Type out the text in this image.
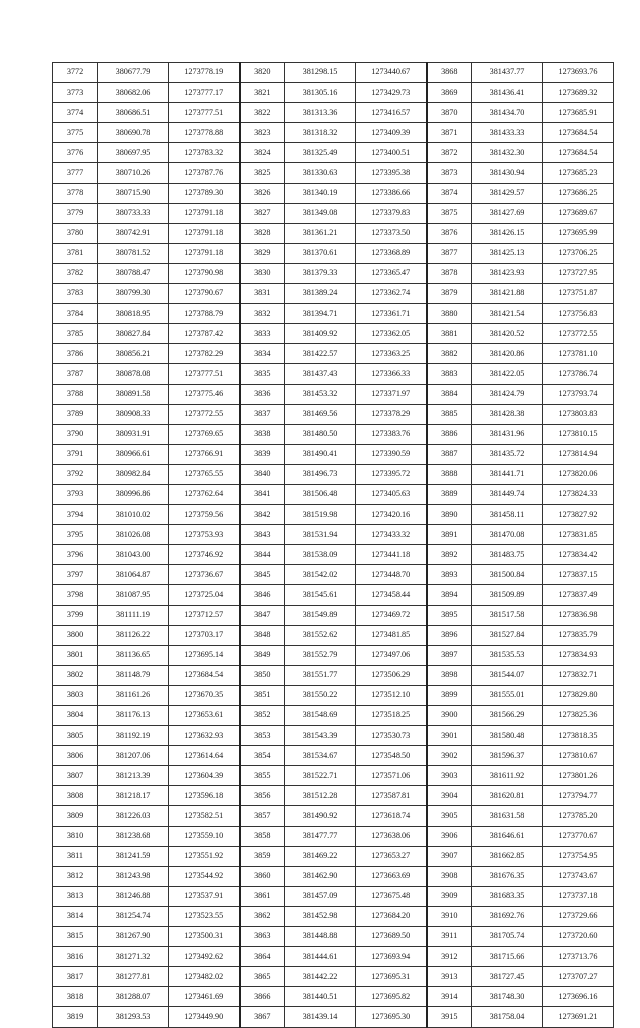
3772	380677.79	1273778.19	3820	381298.15	1273440.67	3868	381437.77	1273693.76
3773	380682.06	1273777.17	3821	381305.16	1273429.73	3869	381436.41	1273689.32
3774	380686.51	1273777.51	3822	381313.36	1273416.57	3870	381434.70	1273685.91
3775	380690.78	1273778.88	3823	381318.32	1273409.39	3871	381433.33	1273684.54
3776	380697.95	1273783.32	3824	381325.49	1273400.51	3872	381432.30	1273684.54
3777	380710.26	1273787.76	3825	381330.63	1273395.38	3873	381430.94	1273685.23
3778	380715.90	1273789.30	3826	381340.19	1273386.66	3874	381429.57	1273686.25
3779	380733.33	1273791.18	3827	381349.08	1273379.83	3875	381427.69	1273689.67
3780	380742.91	1273791.18	3828	381361.21	1273373.50	3876	381426.15	1273695.99
3781	380781.52	1273791.18	3829	381370.61	1273368.89	3877	381425.13	1273706.25
3782	380788.47	1273790.98	3830	381379.33	1273365.47	3878	381423.93	1273727.95
3783	380799.30	1273790.67	3831	381389.24	1273362.74	3879	381421.88	1273751.87
3784	380818.95	1273788.79	3832	381394.71	1273361.71	3880	381421.54	1273756.83
3785	380827.84	1273787.42	3833	381409.92	1273362.05	3881	381420.52	1273772.55
3786	380856.21	1273782.29	3834	381422.57	1273363.25	3882	381420.86	1273781.10
3787	380878.08	1273777.51	3835	381437.43	1273366.33	3883	381422.05	1273786.74
3788	380891.58	1273775.46	3836	381453.32	1273371.97	3884	381424.79	1273793.74
3789	380908.33	1273772.55	3837	381469.56	1273378.29	3885	381428.38	1273803.83
3790	380931.91	1273769.65	3838	381480.50	1273383.76	3886	381431.96	1273810.15
3791	380966.61	1273766.91	3839	381490.41	1273390.59	3887	381435.72	1273814.94
3792	380982.84	1273765.55	3840	381496.73	1273395.72	3888	381441.71	1273820.06
3793	380996.86	1273762.64	3841	381506.48	1273405.63	3889	381449.74	1273824.33
3794	381010.02	1273759.56	3842	381519.98	1273420.16	3890	381458.11	1273827.92
3795	381026.08	1273753.93	3843	381531.94	1273433.32	3891	381470.08	1273831.85
3796	381043.00	1273746.92	3844	381538.09	1273441.18	3892	381483.75	1273834.42
3797	381064.87	1273736.67	3845	381542.02	1273448.70	3893	381500.84	1273837.15
3798	381087.95	1273725.04	3846	381545.61	1273458.44	3894	381509.89	1273837.49
3799	381111.19	1273712.57	3847	381549.89	1273469.72	3895	381517.58	1273836.98
3800	381126.22	1273703.17	3848	381552.62	1273481.85	3896	381527.84	1273835.79
3801	381136.65	1273695.14	3849	381552.79	1273497.06	3897	381535.53	1273834.93
3802	381148.79	1273684.54	3850	381551.77	1273506.29	3898	381544.07	1273832.71
3803	381161.26	1273670.35	3851	381550.22	1273512.10	3899	381555.01	1273829.80
3804	381176.13	1273653.61	3852	381548.69	1273518.25	3900	381566.29	1273825.36
3805	381192.19	1273632.93	3853	381543.39	1273530.73	3901	381580.48	1273818.35
3806	381207.06	1273614.64	3854	381534.67	1273548.50	3902	381596.37	1273810.67
3807	381213.39	1273604.39	3855	381522.71	1273571.06	3903	381611.92	1273801.26
3808	381218.17	1273596.18	3856	381512.28	1273587.81	3904	381620.81	1273794.77
3809	381226.03	1273582.51	3857	381490.92	1273618.74	3905	381631.58	1273785.20
3810	381238.68	1273559.10	3858	381477.77	1273638.06	3906	381646.61	1273770.67
3811	381241.59	1273551.92	3859	381469.22	1273653.27	3907	381662.85	1273754.95
3812	381243.98	1273544.92	3860	381462.90	1273663.69	3908	381676.35	1273743.67
3813	381246.88	1273537.91	3861	381457.09	1273675.48	3909	381683.35	1273737.18
3814	381254.74	1273523.55	3862	381452.98	1273684.20	3910	381692.76	1273729.66
3815	381267.90	1273500.31	3863	381448.88	1273689.50	3911	381705.74	1273720.60
3816	381271.32	1273492.62	3864	381444.61	1273693.94	3912	381715.66	1273713.76
3817	381277.81	1273482.02	3865	381442.22	1273695.31	3913	381727.45	1273707.27
3818	381288.07	1273461.69	3866	381440.51	1273695.82	3914	381748.30	1273696.16
3819	381293.53	1273449.90	3867	381439.14	1273695.30	3915	381758.04	1273691.21
